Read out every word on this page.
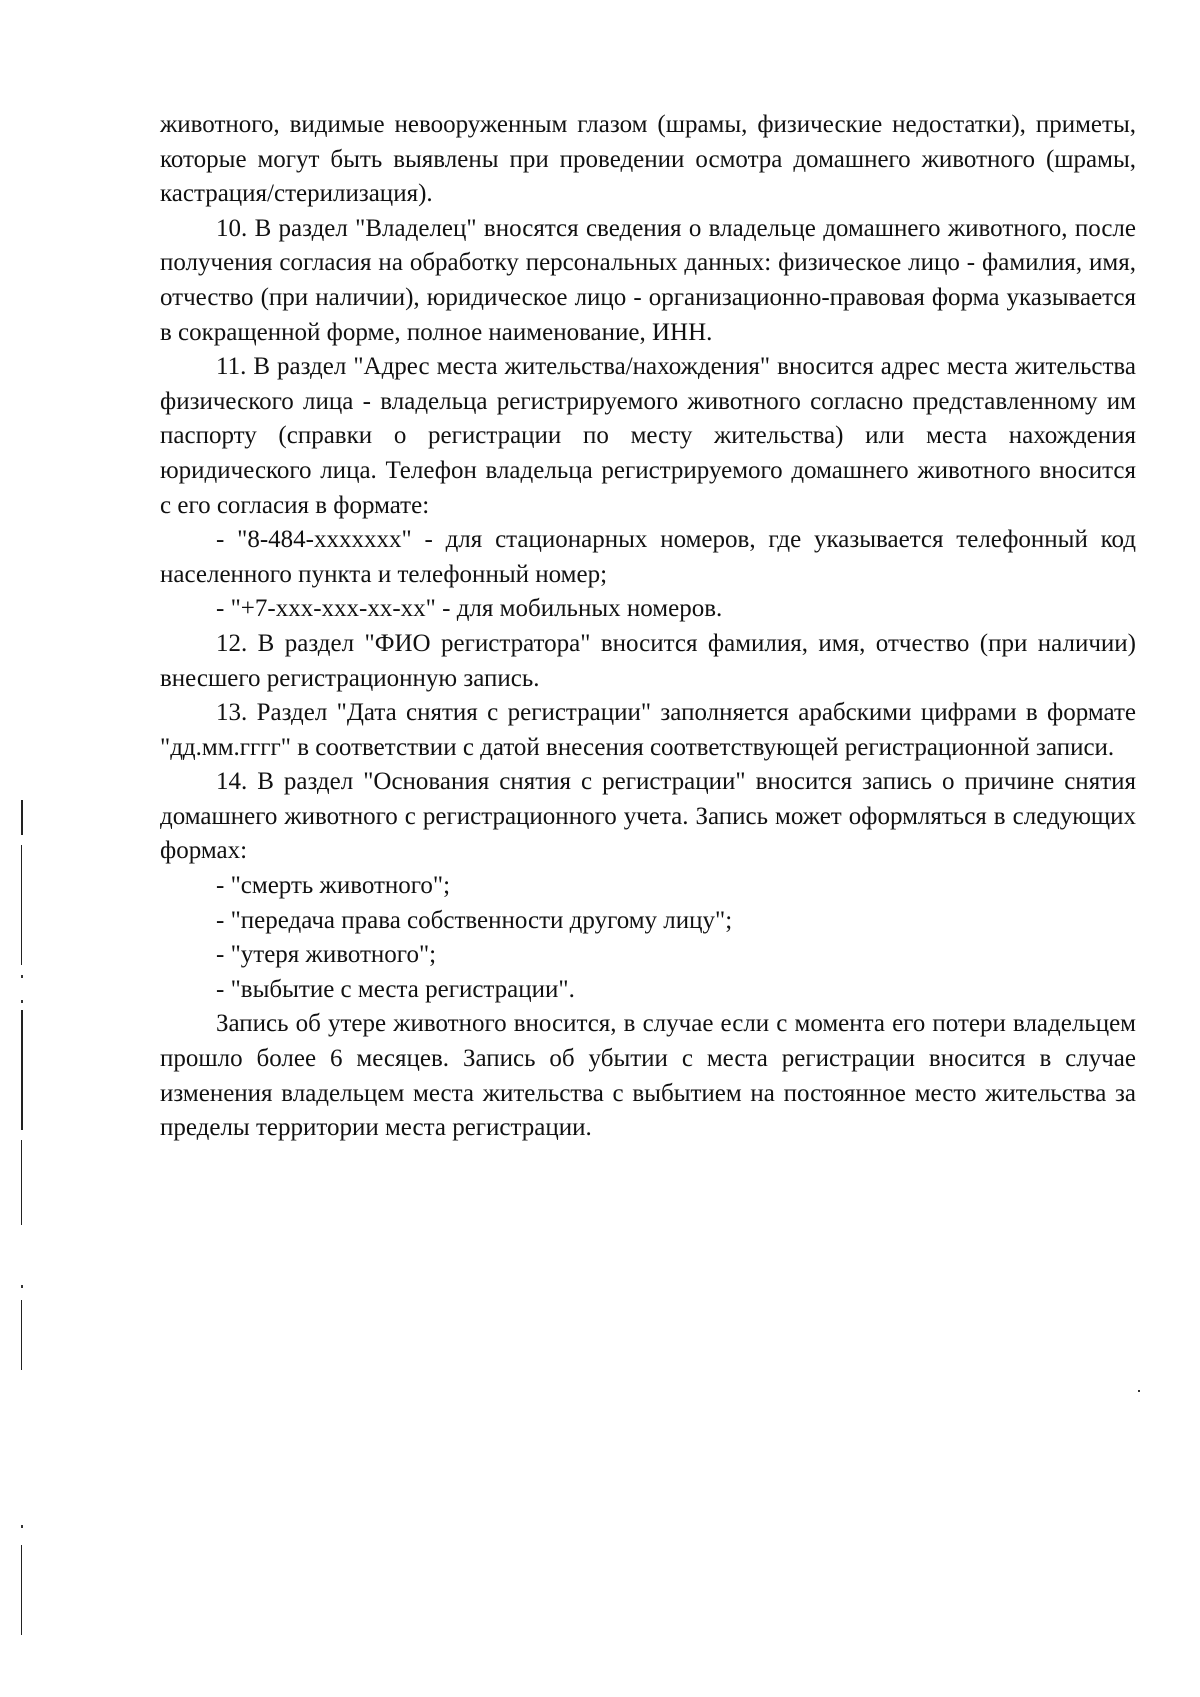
животного, видимые невооруженным глазом (шрамы, физические недостатки), приметы, которые могут быть выявлены при проведении осмотра домашнего животного (шрамы, кастрация/стерилизация).

10. В раздел "Владелец" вносятся сведения о владельце домашнего животного, после получения согласия на обработку персональных данных: физическое лицо - фамилия, имя, отчество (при наличии), юридическое лицо - организационно-правовая форма указывается в сокращенной форме, полное наименование, ИНН.

11. В раздел "Адрес места жительства/нахождения" вносится адрес места жительства физического лица - владельца регистрируемого животного согласно представленному им паспорту (справки о регистрации по месту жительства) или места нахождения юридического лица. Телефон владельца регистрируемого домашнего животного вносится с его согласия в формате:

- "8-484-ххххххх" - для стационарных номеров, где указывается телефонный код населенного пункта и телефонный номер;

- "+7-ххх-ххх-хх-хх" - для мобильных номеров.

12. В раздел "ФИО регистратора" вносится фамилия, имя, отчество (при наличии) внесшего регистрационную запись.

13. Раздел "Дата снятия с регистрации" заполняется арабскими цифрами в формате "дд.мм.гггг" в соответствии с датой внесения соответствующей регистрационной записи.

14. В раздел "Основания снятия с регистрации" вносится запись о причине снятия домашнего животного с регистрационного учета. Запись может оформляться в следующих формах:

- "смерть животного";

- "передача права собственности другому лицу";

- "утеря животного";

- "выбытие с места регистрации".

Запись об утере животного вносится, в случае если с момента его потери владельцем прошло более 6 месяцев. Запись об убытии с места регистрации вносится в случае изменения владельцем места жительства с выбытием на постоянное место жительства за пределы территории места регистрации.
